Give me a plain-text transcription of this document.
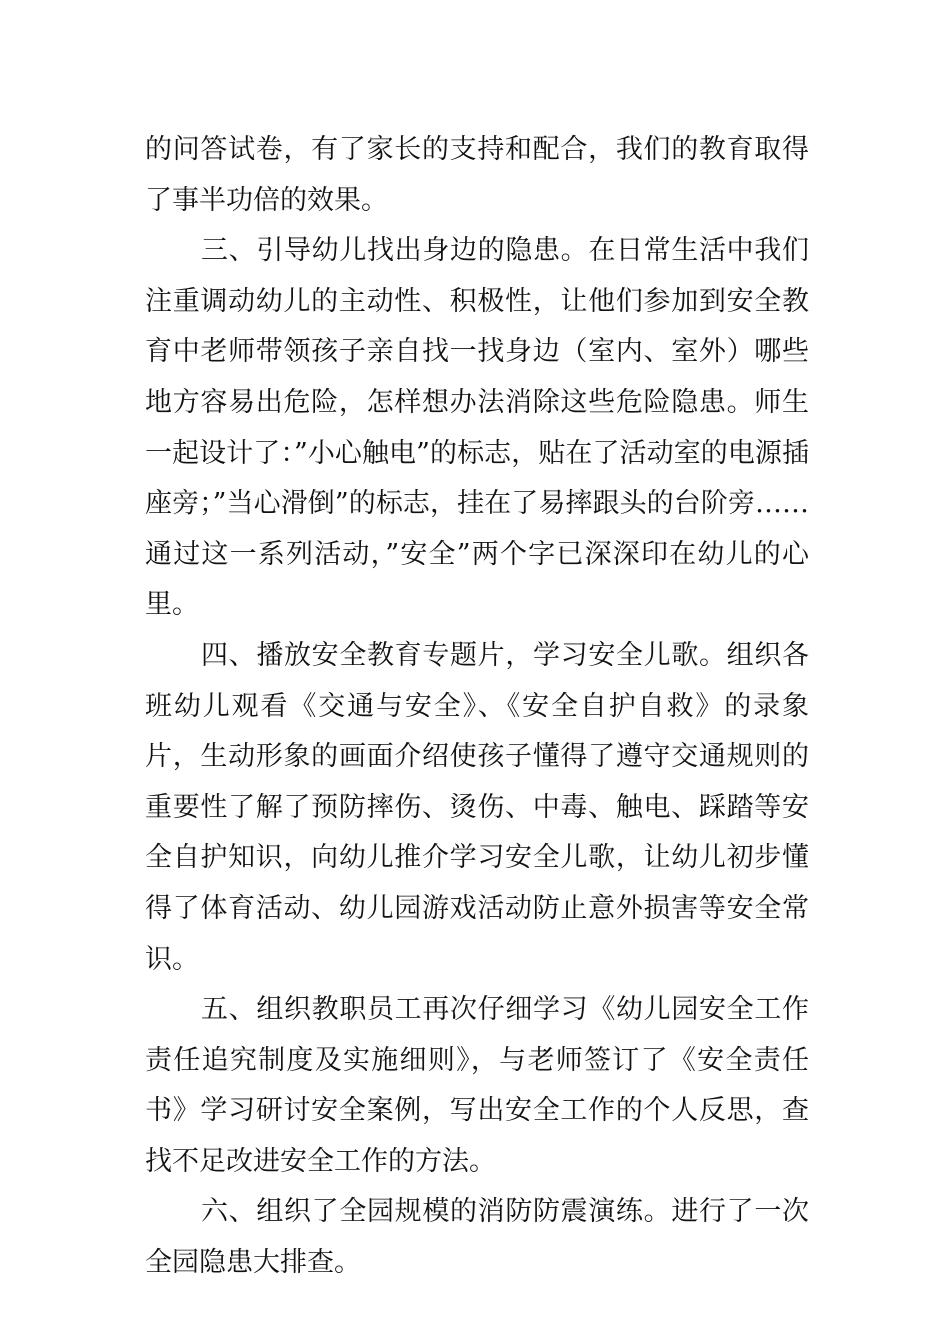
的问答试卷，有了家长的支持和配合，我们的教育取得了事半功倍的效果。

三、引导幼儿找出身边的隐患。在日常生活中我们注重调动幼儿的主动性、积极性，让他们参加到安全教育中老师带领孩子亲自找一找身边（室内、室外）哪些地方容易出危险，怎样想办法消除这些危险隐患。师生一起设计了：”小心触电”的标志，贴在了活动室的电源插座旁；”当心滑倒”的标志，挂在了易摔跟头的台阶旁……通过这一系列活动，”安全”两个字已深深印在幼儿的心里。

四、播放安全教育专题片，学习安全儿歌。组织各班幼儿观看《交通与安全》、《安全自护自救》的录象片，生动形象的画面介绍使孩子懂得了遵守交通规则的重要性了解了预防摔伤、烫伤、中毒、触电、踩踏等安全自护知识，向幼儿推介学习安全儿歌，让幼儿初步懂得了体育活动、幼儿园游戏活动防止意外损害等安全常识。

五、组织教职员工再次仔细学习《幼儿园安全工作责任追究制度及实施细则》，与老师签订了《安全责任书》学习研讨安全案例，写出安全工作的个人反思，查找不足改进安全工作的方法。

六、组织了全园规模的消防防震演练。进行了一次全园隐患大排查。
